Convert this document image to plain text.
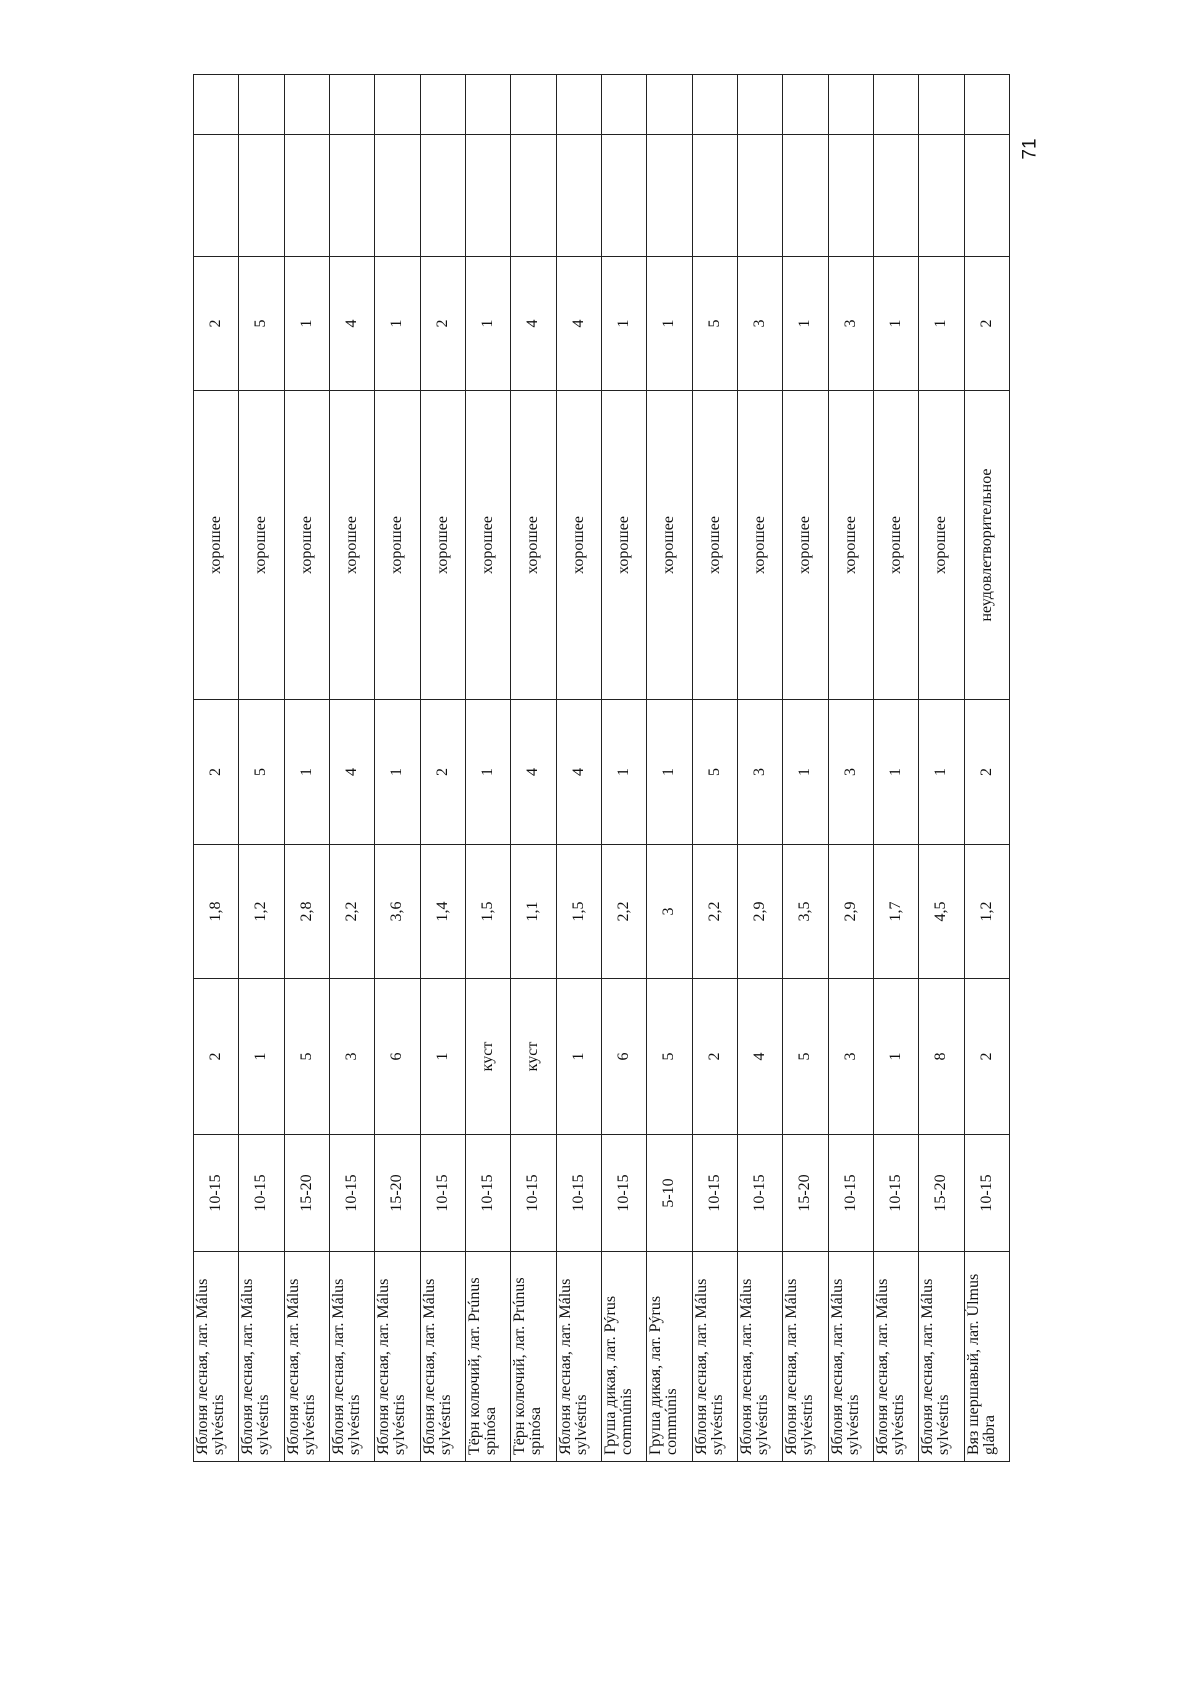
Яблоня лесная, лат. Málus sylvéstris	10-15	2	1,8	2	хорошее	2		
Яблоня лесная, лат. Málus sylvéstris	10-15	1	1,2	5	хорошее	5		
Яблоня лесная, лат. Málus sylvéstris	15-20	5	2,8	1	хорошее	1		
Яблоня лесная, лат. Málus sylvéstris	10-15	3	2,2	4	хорошее	4		
Яблоня лесная, лат. Málus sylvéstris	15-20	6	3,6	1	хорошее	1		
Яблоня лесная, лат. Málus sylvéstris	10-15	1	1,4	2	хорошее	2		
Тёрн колючий, лат. Prúnus spinósa	10-15	куст	1,5	1	хорошее	1		
Тёрн колючий, лат. Prúnus spinósa	10-15	куст	1,1	4	хорошее	4		
Яблоня лесная, лат. Málus sylvéstris	10-15	1	1,5	4	хорошее	4		
Груша дикая, лат. Pýrus commúnis	10-15	6	2,2	1	хорошее	1		
Груша дикая, лат. Pýrus commúnis	5-10	5	3	1	хорошее	1		
Яблоня лесная, лат. Málus sylvéstris	10-15	2	2,2	5	хорошее	5		
Яблоня лесная, лат. Málus sylvéstris	10-15	4	2,9	3	хорошее	3		
Яблоня лесная, лат. Málus sylvéstris	15-20	5	3,5	1	хорошее	1		
Яблоня лесная, лат. Málus sylvéstris	10-15	3	2,9	3	хорошее	3		
Яблоня лесная, лат. Málus sylvéstris	10-15	1	1,7	1	хорошее	1		
Яблоня лесная, лат. Málus sylvéstris	15-20	8	4,5	1	хорошее	1		
Вяз шершавый, лат. Úlmus glábra	10-15	2	1,2	2	неудовлетворительное	2		
71
